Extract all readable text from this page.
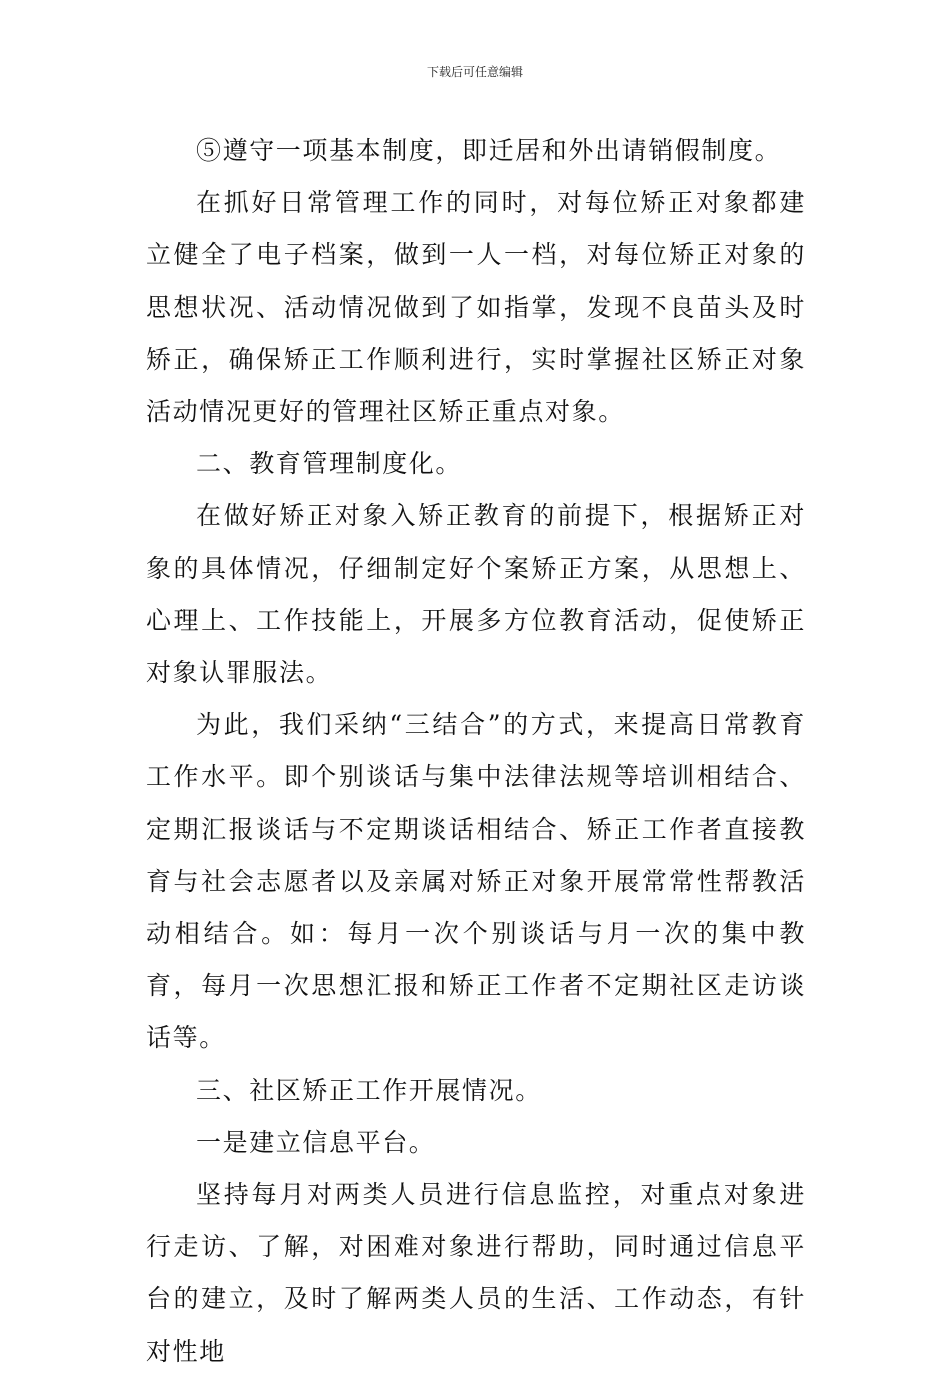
下载后可任意编辑

⑤遵守一项基本制度，即迁居和外出请销假制度。

在抓好日常管理工作的同时，对每位矫正对象都建立健全了电子档案，做到一人一档，对每位矫正对象的思想状况、活动情况做到了如指掌，发现不良苗头及时矫正，确保矫正工作顺利进行，实时掌握社区矫正对象活动情况更好的管理社区矫正重点对象。

二、教育管理制度化。

在做好矫正对象入矫正教育的前提下，根据矫正对象的具体情况，仔细制定好个案矫正方案，从思想上、心理上、工作技能上，开展多方位教育活动，促使矫正对象认罪服法。

为此，我们采纳“三结合”的方式，来提高日常教育工作水平。即个别谈话与集中法律法规等培训相结合、定期汇报谈话与不定期谈话相结合、矫正工作者直接教育与社会志愿者以及亲属对矫正对象开展常常性帮教活动相结合。如：每月一次个别谈话与月一次的集中教育，每月一次思想汇报和矫正工作者不定期社区走访谈话等。

三、社区矫正工作开展情况。

一是建立信息平台。

坚持每月对两类人员进行信息监控，对重点对象进行走访、了解，对困难对象进行帮助，同时通过信息平台的建立，及时了解两类人员的生活、工作动态，有针对性地
